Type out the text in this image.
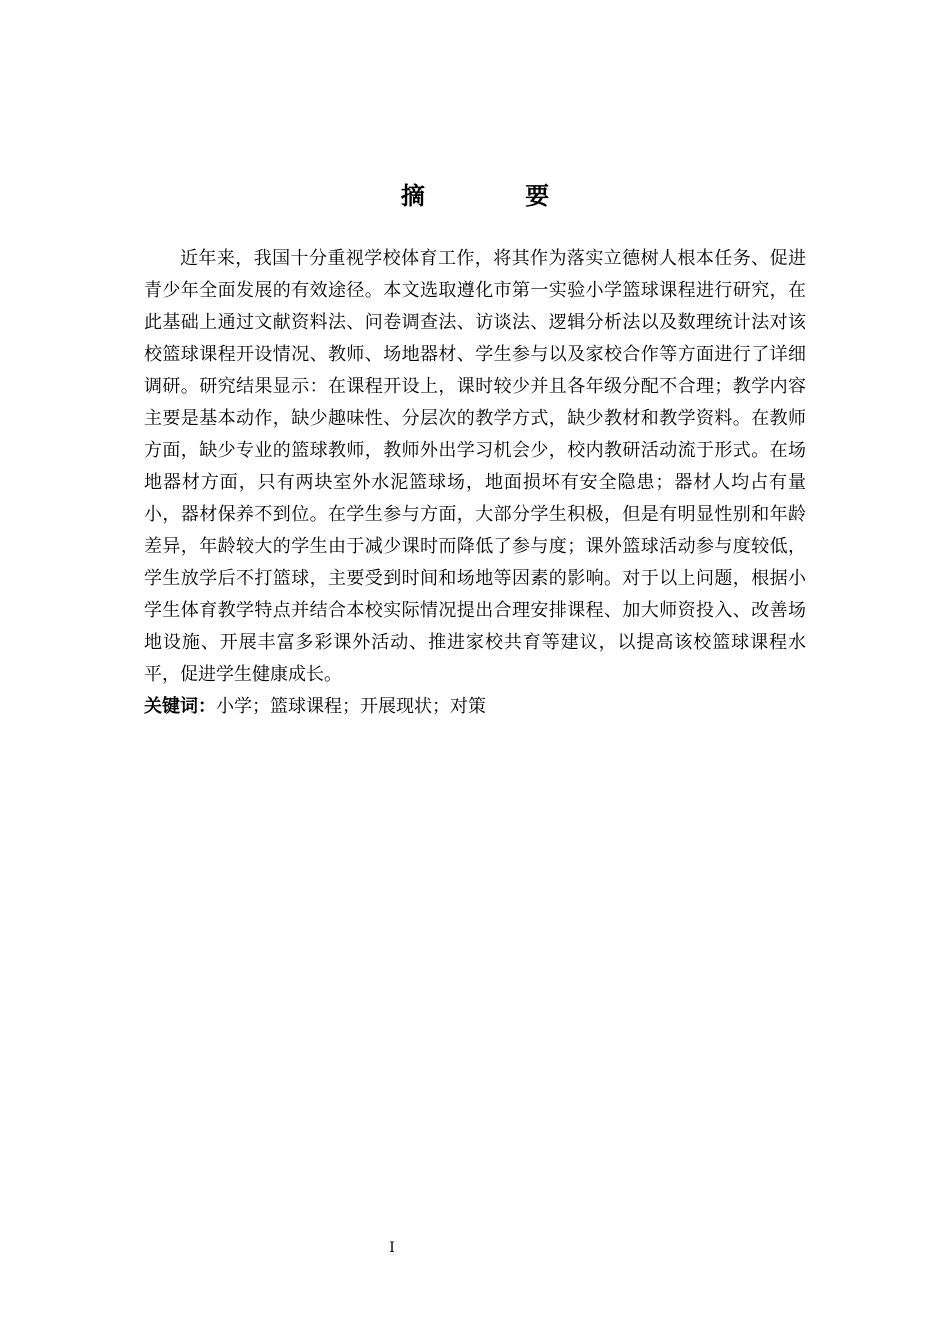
摘 要

近年来，我国十分重视学校体育工作，将其作为落实立德树人根本任务、促进青少年全面发展的有效途径。本文选取遵化市第一实验小学篮球课程进行研究，在此基础上通过文献资料法、问卷调查法、访谈法、逻辑分析法以及数理统计法对该校篮球课程开设情况、教师、场地器材、学生参与以及家校合作等方面进行了详细调研。研究结果显示：在课程开设上，课时较少并且各年级分配不合理；教学内容主要是基本动作，缺少趣味性、分层次的教学方式，缺少教材和教学资料。在教师方面，缺少专业的篮球教师，教师外出学习机会少，校内教研活动流于形式。在场地器材方面，只有两块室外水泥篮球场，地面损坏有安全隐患；器材人均占有量小，器材保养不到位。在学生参与方面，大部分学生积极，但是有明显性别和年龄差异，年龄较大的学生由于减少课时而降低了参与度；课外篮球活动参与度较低，学生放学后不打篮球，主要受到时间和场地等因素的影响。对于以上问题，根据小学生体育教学特点并结合本校实际情况提出合理安排课程、加大师资投入、改善场地设施、开展丰富多彩课外活动、推进家校共育等建议，以提高该校篮球课程水平，促进学生健康成长。

关键词：小学；篮球课程；开展现状；对策

I
